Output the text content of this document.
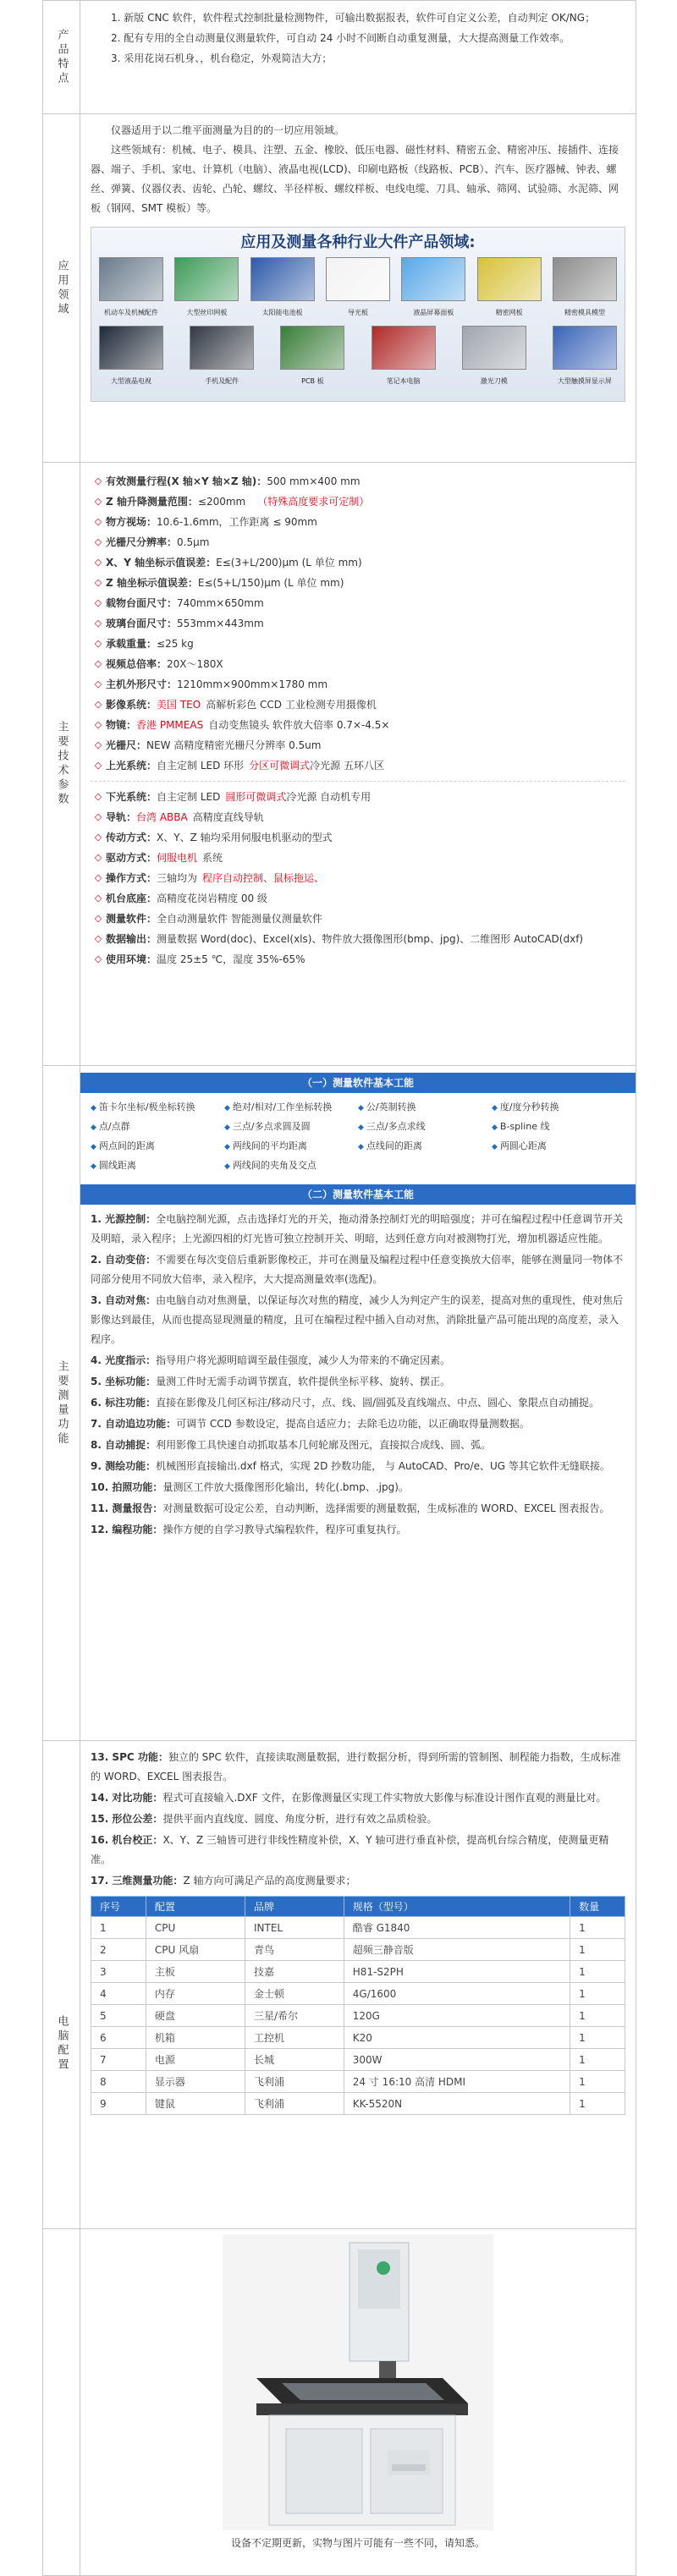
产品特点

1. 新版 CNC 软件，软件程式控制批量检测物件，可输出数据报表，软件可自定义公差，自动判定 OK/NG；

2. 配有专用的全自动测量仪测量软件，可自动 24 小时不间断自动重复测量，大大提高测量工作效率。

3. 采用花岗石机身、，机台稳定，外观简洁大方；

应用领域

仪器适用于以二维平面测量为目的的一切应用领域。

这些领域有：机械、电子、模具、注塑、五金、橡胶、低压电器、磁性材料、精密五金、精密冲压、接插件、连接器、端子、手机、家电、计算机（电脑）、液晶电视(LCD)、印刷电路板（线路板、PCB）、汽车、医疗器械、钟表、螺丝、弹簧、仪器仪表、齿轮、凸轮、螺纹、半径样板、螺纹样板、电线电缆、刀具、轴承、筛网、试验筛、水泥筛、网板（钢网、SMT 模板）等。

应用及测量各种行业大件产品领域:
机动车及机械配件	大型丝印网板	太阳能电池板	导光板	液晶屏幕面板	精密网板	精密模具模型
大型液晶电视	手机及配件	PCB 板	笔记本电脑	激光刀模	大型触摸屏显示屏
主要技术参数
◇ 有效测量行程(X 轴×Y 轴×Z 轴)：500 mm×400 mm
◇ Z 轴升降测量范围：≤200mm （特殊高度要求可定制）
◇ 物方视场：10.6-1.6mm，工作距离 ≤ 90mm
◇ 光栅尺分辨率：0.5μm
◇ X、Y 轴坐标示值误差：E≤(3+L/200)μm (L 单位 mm)
◇ Z 轴坐标示值误差：E≤(5+L/150)μm (L 单位 mm)
◇ 载物台面尺寸：740mm×650mm
◇ 玻璃台面尺寸：553mm×443mm
◇ 承载重量：≤25 kg
◇ 视频总倍率：20X～180X
◇ 主机外形尺寸：1210mm×900mm×1780 mm
◇ 影像系统：美国 TEO 高解析彩色 CCD 工业检测专用摄像机
◇ 物镜：香港 PMMEAS 自动变焦镜头 软件放大倍率 0.7×-4.5×
◇ 光栅尺：NEW 高精度精密光栅尺分辨率 0.5um
◇ 上光系统：自主定制 LED 环形 分区可微调式冷光源 五环八区
◇ 下光系统：自主定制 LED 圆形可微调式冷光源 自动机专用
◇ 导轨：台湾 ABBA 高精度直线导轨
◇ 传动方式：X、Y、Z 轴均采用伺服电机驱动的型式
◇ 驱动方式：伺服电机 系统
◇ 操作方式：三轴均为 程序自动控制、鼠标拖运、
◇ 机台底座：高精度花岗岩精度 00 级
◇ 测量软件：全自动测量软件 智能测量仪测量软件
◇ 数据输出：测量数据 Word(doc)、Excel(xls)、物件放大摄像图形(bmp、jpg)、二维图形 AutoCAD(dxf)
◇ 使用环境：温度 25±5 ℃，湿度 35%-65%
主要测量功能
（一）测量软件基本工能
◆ 笛卡尔坐标/极坐标转换	◆ 绝对/相对/工作坐标转换	◆ 公/英制转换	◆ 度/度分秒转换
◆ 点/点群	◆ 三点/多点求圆及圆	◆ 三点/多点求线	◆ B-spline 线
◆ 两点间的距离	◆ 两线间的平均距离	◆ 点线间的距离	◆ 两圆心距离
◆ 圆线距离	◆ 两线间的夹角及交点
（二）测量软件基本工能

1. 光源控制：全电脑控制光源，点击选择灯光的开关，拖动滑条控制灯光的明暗强度；并可在编程过程中任意调节开关及明暗，录入程序；上光源四相的灯光皆可独立控制开关、明暗，达到任意方向对被测物打光，增加机器适应性能。

2. 自动变倍：不需要在每次变倍后重新影像校正，并可在测量及编程过程中任意变换放大倍率，能够在测量同一物体不同部分使用不同放大倍率，录入程序，大大提高测量效率(选配)。

3. 自动对焦：由电脑自动对焦测量，以保证每次对焦的精度，减少人为判定产生的误差，提高对焦的重现性，使对焦后影像达到最佳，从而也提高显现测量的精度，且可在编程过程中插入自动对焦，消除批量产品可能出现的高度差，录入程序。

4. 光度指示：指导用户将光源明暗调至最佳强度，减少人为带来的不确定因素。

5. 坐标功能：量测工件时无需手动调节摆直，软件提供坐标平移、旋转、摆正。

6. 标注功能：直接在影像及几何区标注/移动尺寸，点、线、圆/圆弧及直线端点、中点、圆心、象限点自动捕捉。

7. 自动追边功能：可调节 CCD 参数设定，提高自适应力；去除毛边功能，以正确取得量测数据。

8. 自动捕捉：利用影像工具快速自动抓取基本几何轮廓及图元，直接拟合成线、圆、弧。

9. 测绘功能：机械图形直接输出.dxf 格式，实现 2D 抄数功能， 与 AutoCAD、Pro/e、UG 等其它软件无缝联接。

10. 拍照功能：量测区工件放大摄像图形化输出，转化(.bmp、.jpg)。

11. 测量报告：对测量数据可设定公差，自动判断，选择需要的测量数据，生成标准的 WORD、EXCEL 图表报告。

12. 编程功能：操作方便的自学习教导式编程软件，程序可重复执行。

电脑配置

13. SPC 功能：独立的 SPC 软件，直接读取测量数据，进行数据分析，得到所需的管制图、制程能力指数，生成标准的 WORD、EXCEL 图表报告。

14. 对比功能：程式可直接输入.DXF 文件，在影像测量区实现工件实物放大影像与标准设计图作直观的测量比对。

15. 形位公差：提供平面内直线度、圆度、角度分析，进行有效之品质检验。

16. 机台校正：X、Y、Z 三轴皆可进行非线性精度补偿，X、Y 轴可进行垂直补偿，提高机台综合精度，使测量更精准。

17. 三维测量功能：Z 轴方向可满足产品的高度测量要求；

序号	配置	品牌	规格（型号）	数量
1	CPU	INTEL	酷睿 G1840	1
2	CPU 风扇	青鸟	超频三静音版	1
3	主板	技嘉	H81-S2PH	1
4	内存	金士顿	4G/1600	1
5	硬盘	三星/希尔	120G	1
6	机箱	工控机	K20	1
7	电源	长城	300W	1
8	显示器	飞利浦	24 寸 16:10 高清 HDMI	1
9	键鼠	飞利浦	KK-5520N	1
设备不定期更新，实物与图片可能有一些不同，请知悉。
